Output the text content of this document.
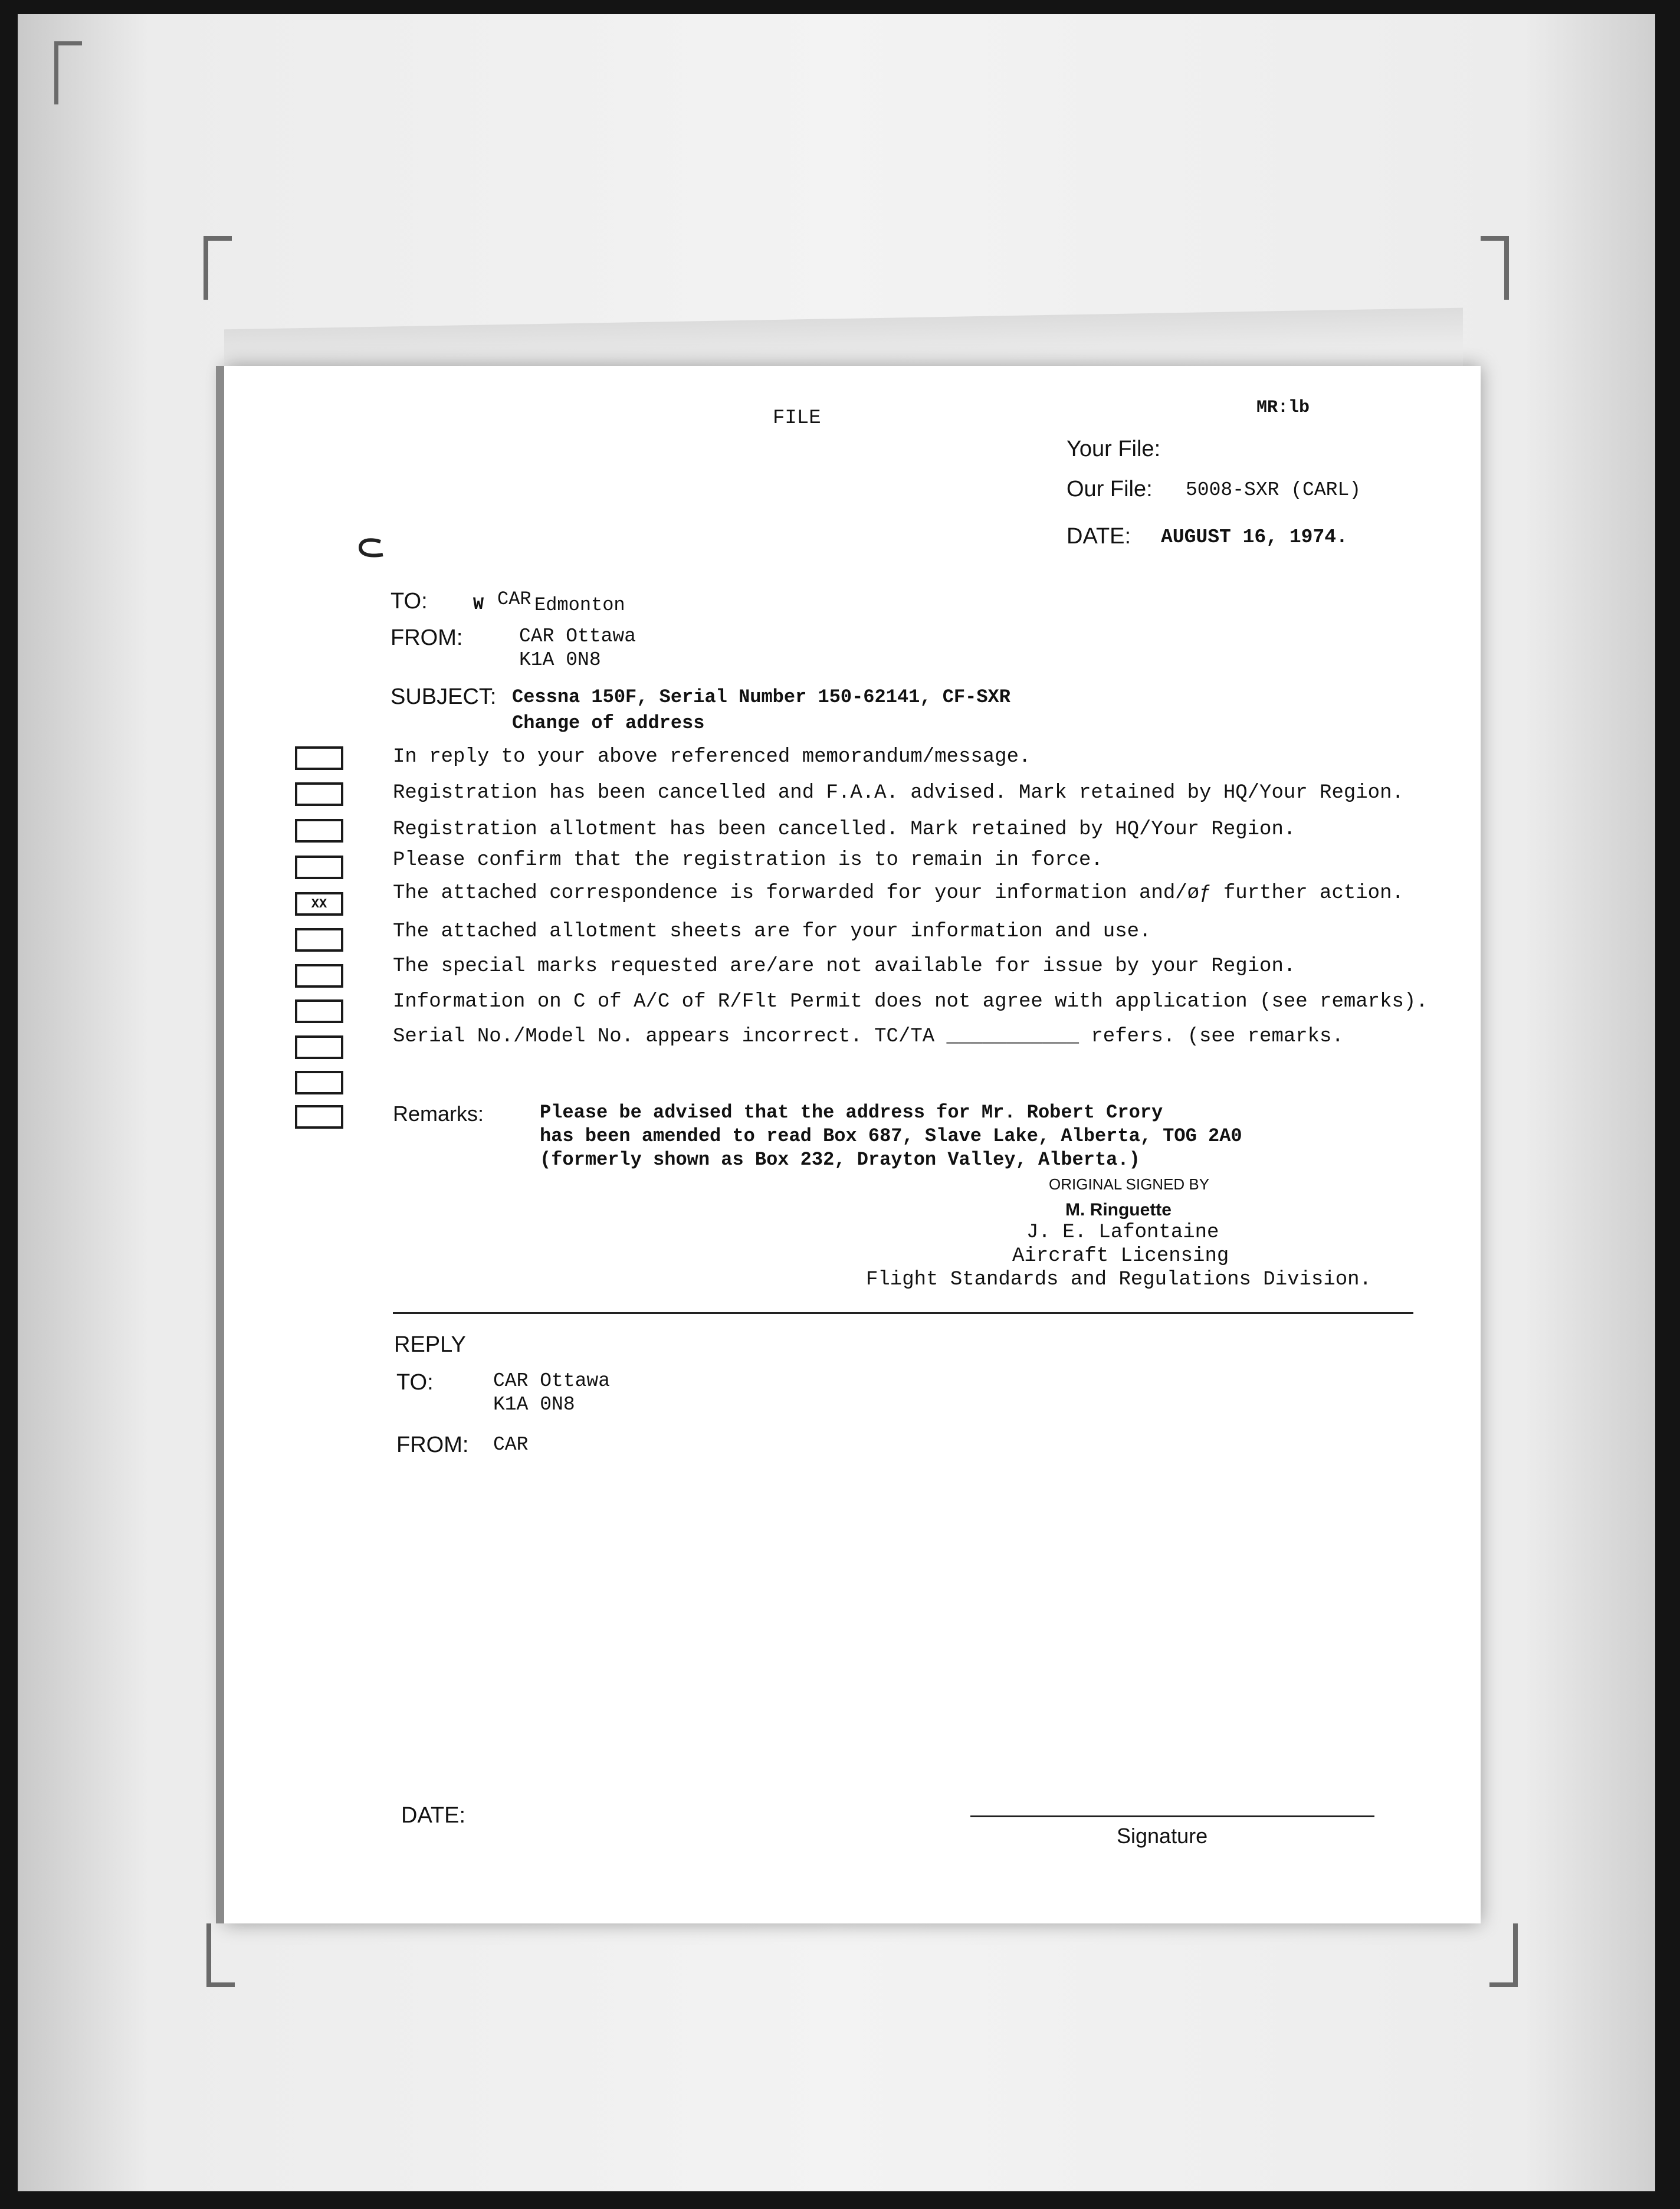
FILE	MR:lb
Your File:
Our File: 5008-SXR (CARL)
DATE: AUGUST 16, 1974.
TO:	W CAR Edmonton
FROM:	CAR Ottawa
K1A 0N8
SUBJECT: Cessna 150F, Serial Number 150-62141, CF-SXR
Change of address
In reply to your above referenced memorandum/message.
Registration has been cancelled and F.A.A. advised. Mark retained by HQ/Your Region.
Registration allotment has been cancelled. Mark retained by HQ/Your Region.
Please confirm that the registration is to remain in force.
XX	The attached correspondence is forwarded for your information and/øƒ further action.
The attached allotment sheets are for your information and use.
The special marks requested are/are not available for issue by your Region.
Information on C of A/C of R/Flt Permit does not agree with application (see remarks).
Serial No./Model No. appears incorrect. TC/TA ___________ refers. (see remarks.
Remarks:	Please be advised that the address for Mr. Robert Crory
has been amended to read Box 687, Slave Lake, Alberta, TOG 2A0
(formerly shown as Box 232, Drayton Valley, Alberta.)
ORIGINAL SIGNED BY
M. Ringuette
J. E. Lafontaine
Aircraft Licensing
Flight Standards and Regulations Division.
REPLY
TO:	CAR Ottawa
K1A 0N8
FROM: CAR
DATE:
Signature
